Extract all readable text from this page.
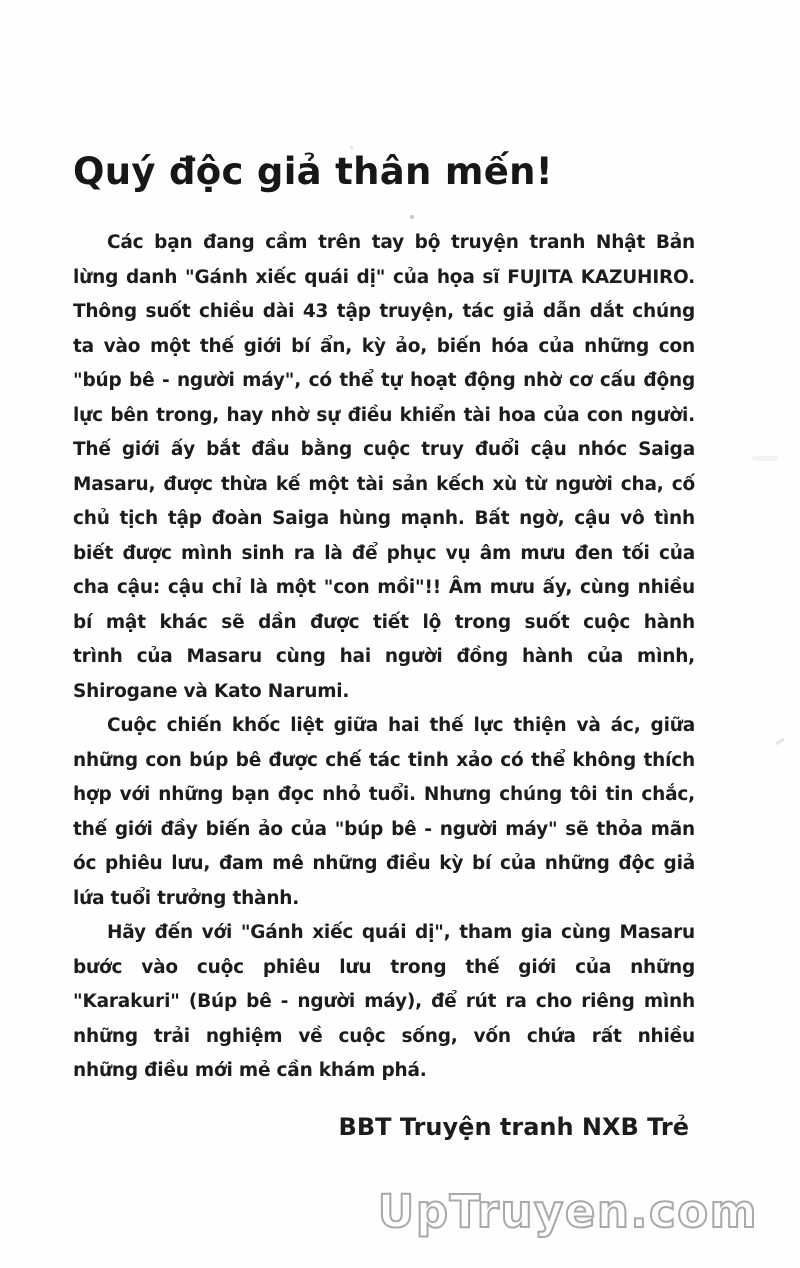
Quý độc giả thân mến!
Các bạn đang cầm trên tay bộ truyện tranh Nhật Bản
lừng danh "Gánh xiếc quái dị" của họa sĩ FUJITA KAZUHIRO.
Thông suốt chiều dài 43 tập truyện, tác giả dẫn dắt chúng
ta vào một thế giới bí ẩn, kỳ ảo, biến hóa của những con
"búp bê - người máy", có thể tự hoạt động nhờ cơ cấu động
lực bên trong, hay nhờ sự điều khiển tài hoa của con người.
Thế giới ấy bắt đầu bằng cuộc truy đuổi cậu nhóc Saiga
Masaru, được thừa kế một tài sản kếch xù từ người cha, cố
chủ tịch tập đoàn Saiga hùng mạnh. Bất ngờ, cậu vô tình
biết được mình sinh ra là để phục vụ âm mưu đen tối của
cha cậu: cậu chỉ là một "con mồi"!! Âm mưu ấy, cùng nhiều
bí mật khác sẽ dần được tiết lộ trong suốt cuộc hành
trình của Masaru cùng hai người đồng hành của mình,
Shirogane và Kato Narumi.
Cuộc chiến khốc liệt giữa hai thế lực thiện và ác, giữa
những con búp bê được chế tác tinh xảo có thể không thích
hợp với những bạn đọc nhỏ tuổi. Nhưng chúng tôi tin chắc,
thế giới đầy biến ảo của "búp bê - người máy" sẽ thỏa mãn
óc phiêu lưu, đam mê những điều kỳ bí của những độc giả
lứa tuổi trưởng thành.
Hãy đến với "Gánh xiếc quái dị", tham gia cùng Masaru
bước vào cuộc phiêu lưu trong thế giới của những
"Karakuri" (Búp bê - người máy), để rút ra cho riêng mình
những trải nghiệm về cuộc sống, vốn chứa rất nhiều
những điều mới mẻ cần khám phá.
BBT Truyện tranh NXB Trẻ
UpTruyen.com
